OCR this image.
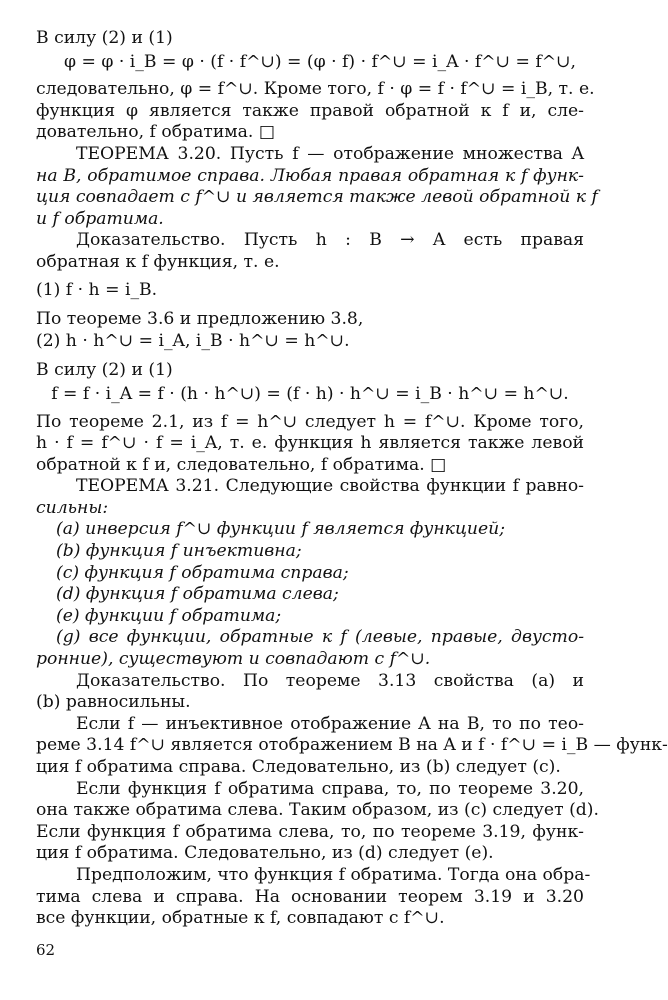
В силу (2) и (1)
φ = φ · i_B = φ · (f · f^∪) = (φ · f) · f^∪ = i_A · f^∪ = f^∪,
следовательно, φ = f^∪. Кроме того, f · φ = f · f^∪ = i_B, т. е.
функция φ является также правой обратной к f и, сле-
довательно, f обратима. □
ТЕОРЕМА 3.20. Пусть f — отображение множества A
на B, обратимое справа. Любая правая обратная к f функ-
ция совпадает с f^∪ и является также левой обратной к f
и f обратима.
Доказательство. Пусть h : B → A есть правая
обратная к f функция, т. е.
(1) f · h = i_B.
По теореме 3.6 и предложению 3.8,
(2) h · h^∪ = i_A, i_B · h^∪ = h^∪.
В силу (2) и (1)
f = f · i_A = f · (h · h^∪) = (f · h) · h^∪ = i_B · h^∪ = h^∪.
По теореме 2.1, из f = h^∪ следует h = f^∪. Кроме того,
h · f = f^∪ · f = i_A, т. е. функция h является также левой
обратной к f и, следовательно, f обратима. □
ТЕОРЕМА 3.21. Следующие свойства функции f равно-
сильны:
(a) инверсия f^∪ функции f является функцией;
(b) функция f инъективна;
(c) функция f обратима справа;
(d) функция f обратима слева;
(e) функции f обратима;
(g) все функции, обратные к f (левые, правые, двусто-
ронние), существуют и совпадают с f^∪.
Доказательство. По теореме 3.13 свойства (a) и
(b) равносильны.
Если f — инъективное отображение A на B, то по тео-
реме 3.14 f^∪ является отображением B на A и f · f^∪ = i_B — функ-
ция f обратима справа. Следовательно, из (b) следует (c).
Если функция f обратима справа, то, по теореме 3.20,
она также обратима слева. Таким образом, из (c) следует (d).
Если функция f обратима слева, то, по теореме 3.19, функ-
ция f обратима. Следовательно, из (d) следует (e).
Предположим, что функция f обратима. Тогда она обра-
тима слева и справа. На основании теорем 3.19 и 3.20
все функции, обратные к f, совпадают с f^∪.
62
